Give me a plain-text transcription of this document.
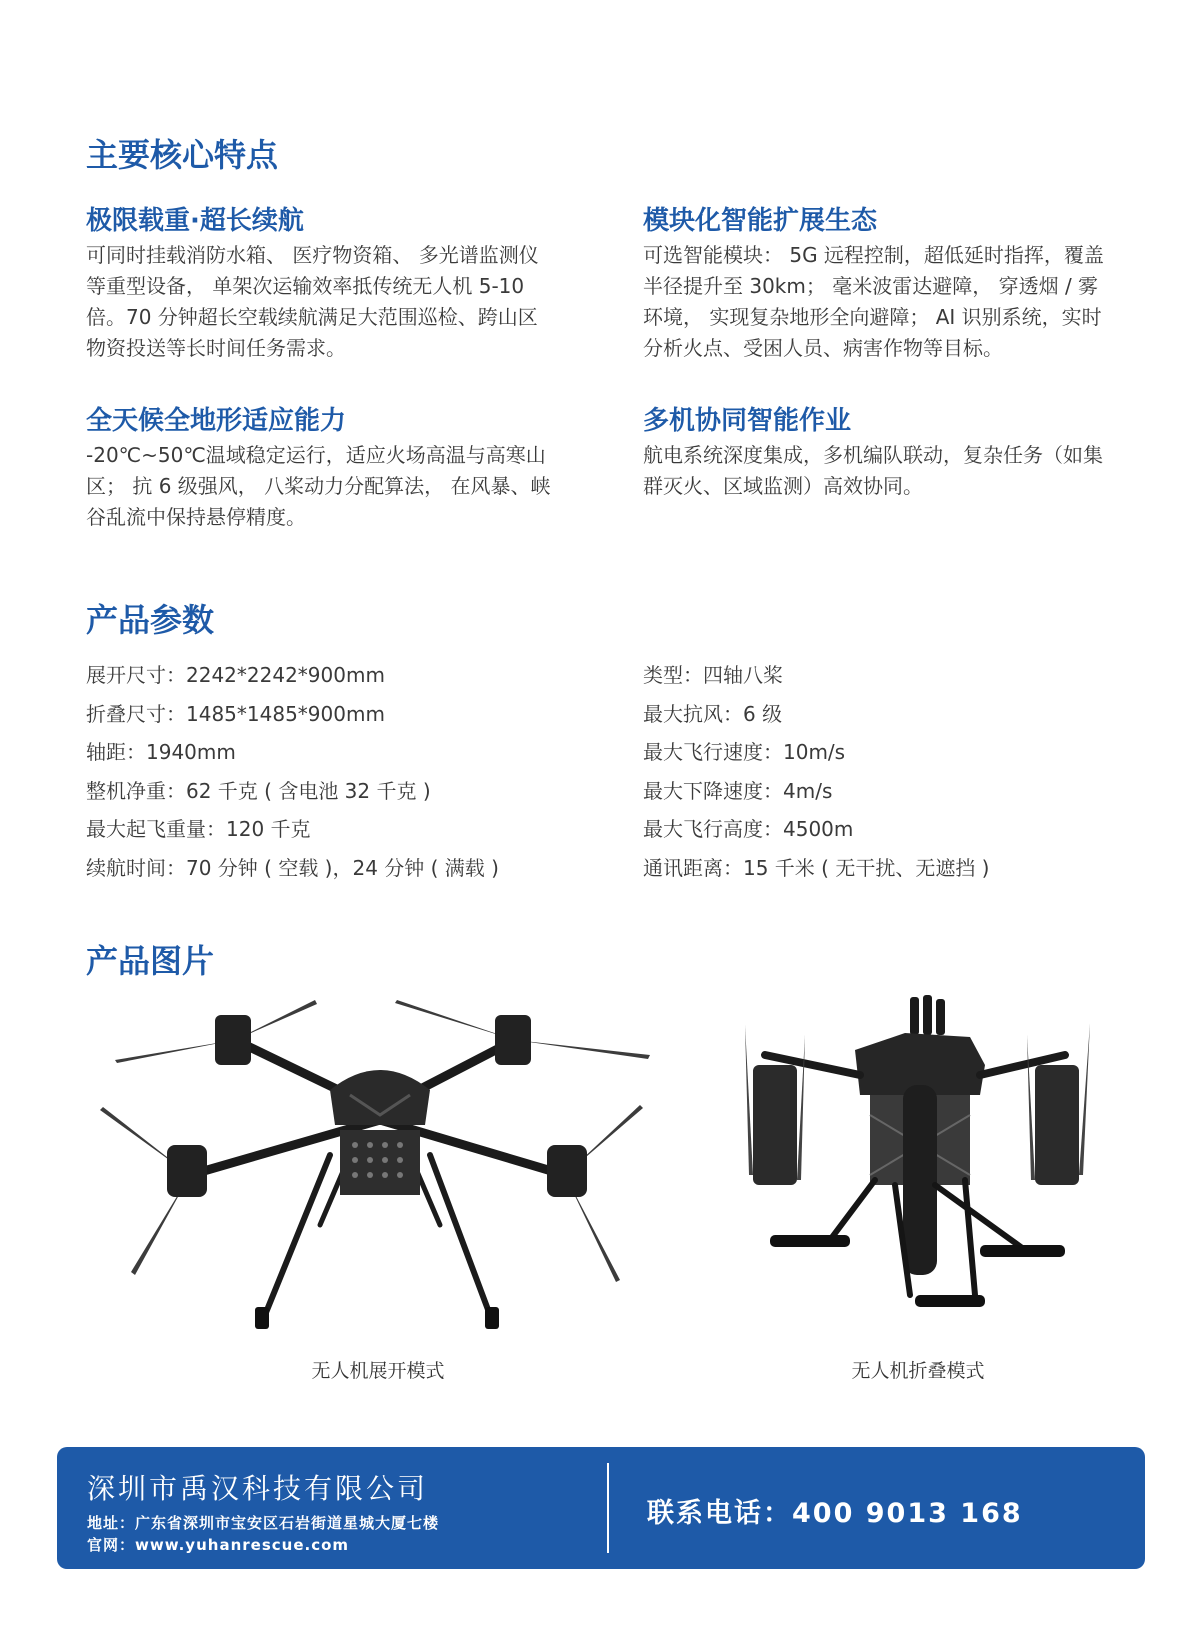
主要核心特点
极限载重·超长续航

可同时挂载消防水箱、 医疗物资箱、 多光谱监测仪等重型设备， 单架次运输效率抵传统无人机 5-10 倍。70 分钟超长空载续航满足大范围巡检、跨山区物资投送等长时间任务需求。

模块化智能扩展生态

可选智能模块： 5G 远程控制，超低延时指挥，覆盖半径提升至 30km； 毫米波雷达避障， 穿透烟 / 雾环境， 实现复杂地形全向避障； AI 识别系统，实时分析火点、受困人员、病害作物等目标。

全天候全地形适应能力

-20℃~50℃温域稳定运行，适应火场高温与高寒山区； 抗 6 级强风， 八桨动力分配算法， 在风暴、峡谷乱流中保持悬停精度。

多机协同智能作业

航电系统深度集成，多机编队联动，复杂任务（如集群灭火、区域监测）高效协同。

产品参数
展开尺寸：2242*2242*900mm
折叠尺寸：1485*1485*900mm
轴距：1940mm
整机净重：62 千克 ( 含电池 32 千克 )
最大起飞重量：120 千克
续航时间：70 分钟 ( 空载 )，24 分钟 ( 满载 )
类型：四轴八桨
最大抗风：6 级
最大飞行速度：10m/s
最大下降速度：4m/s
最大飞行高度：4500m
通讯距离：15 千米 ( 无干扰、无遮挡 )
产品图片
无人机展开模式	无人机折叠模式
深圳市禹汉科技有限公司
地址：广东省深圳市宝安区石岩街道星城大厦七楼
官网：www.yuhanrescue.com
联系电话：400 9013 168
